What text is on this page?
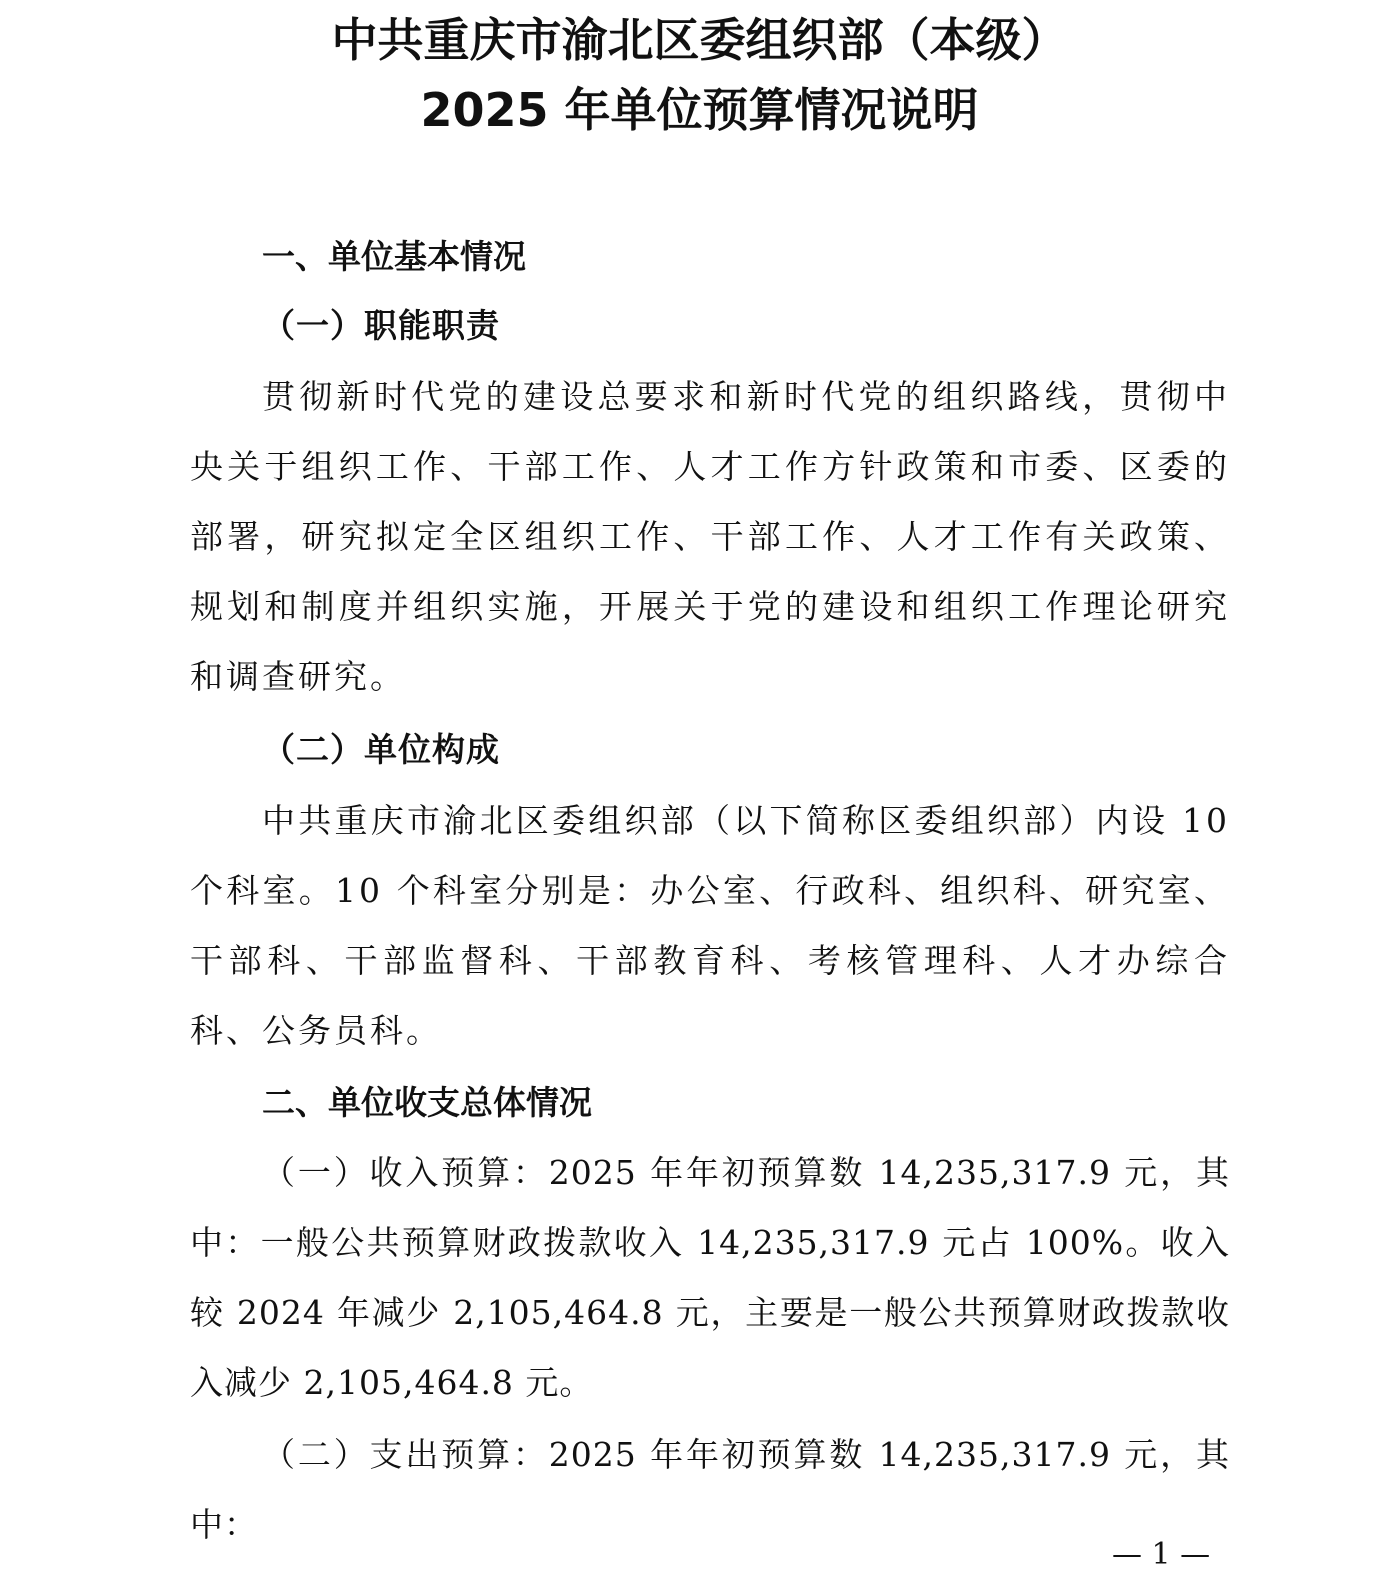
中共重庆市渝北区委组织部（本级）
2025 年单位预算情况说明
一、单位基本情况
（一）职能职责

贯彻新时代党的建设总要求和新时代党的组织路线，贯彻中央关于组织工作、干部工作、人才工作方针政策和市委、区委的部署，研究拟定全区组织工作、干部工作、人才工作有关政策、规划和制度并组织实施，开展关于党的建设和组织工作理论研究和调查研究。

（二）单位构成

中共重庆市渝北区委组织部（以下简称区委组织部）内设 10 个科室。10 个科室分别是：办公室、行政科、组织科、研究室、干部科、干部监督科、干部教育科、考核管理科、人才办综合科、公务员科。

二、单位收支总体情况

（一）收入预算：2025 年年初预算数 14,235,317.9 元，其中：一般公共预算财政拨款收入 14,235,317.9 元占 100%。收入较 2024 年减少 2,105,464.8 元，主要是一般公共预算财政拨款收入减少 2,105,464.8 元。

（二）支出预算：2025 年年初预算数 14,235,317.9 元，其中：

— 1 —
